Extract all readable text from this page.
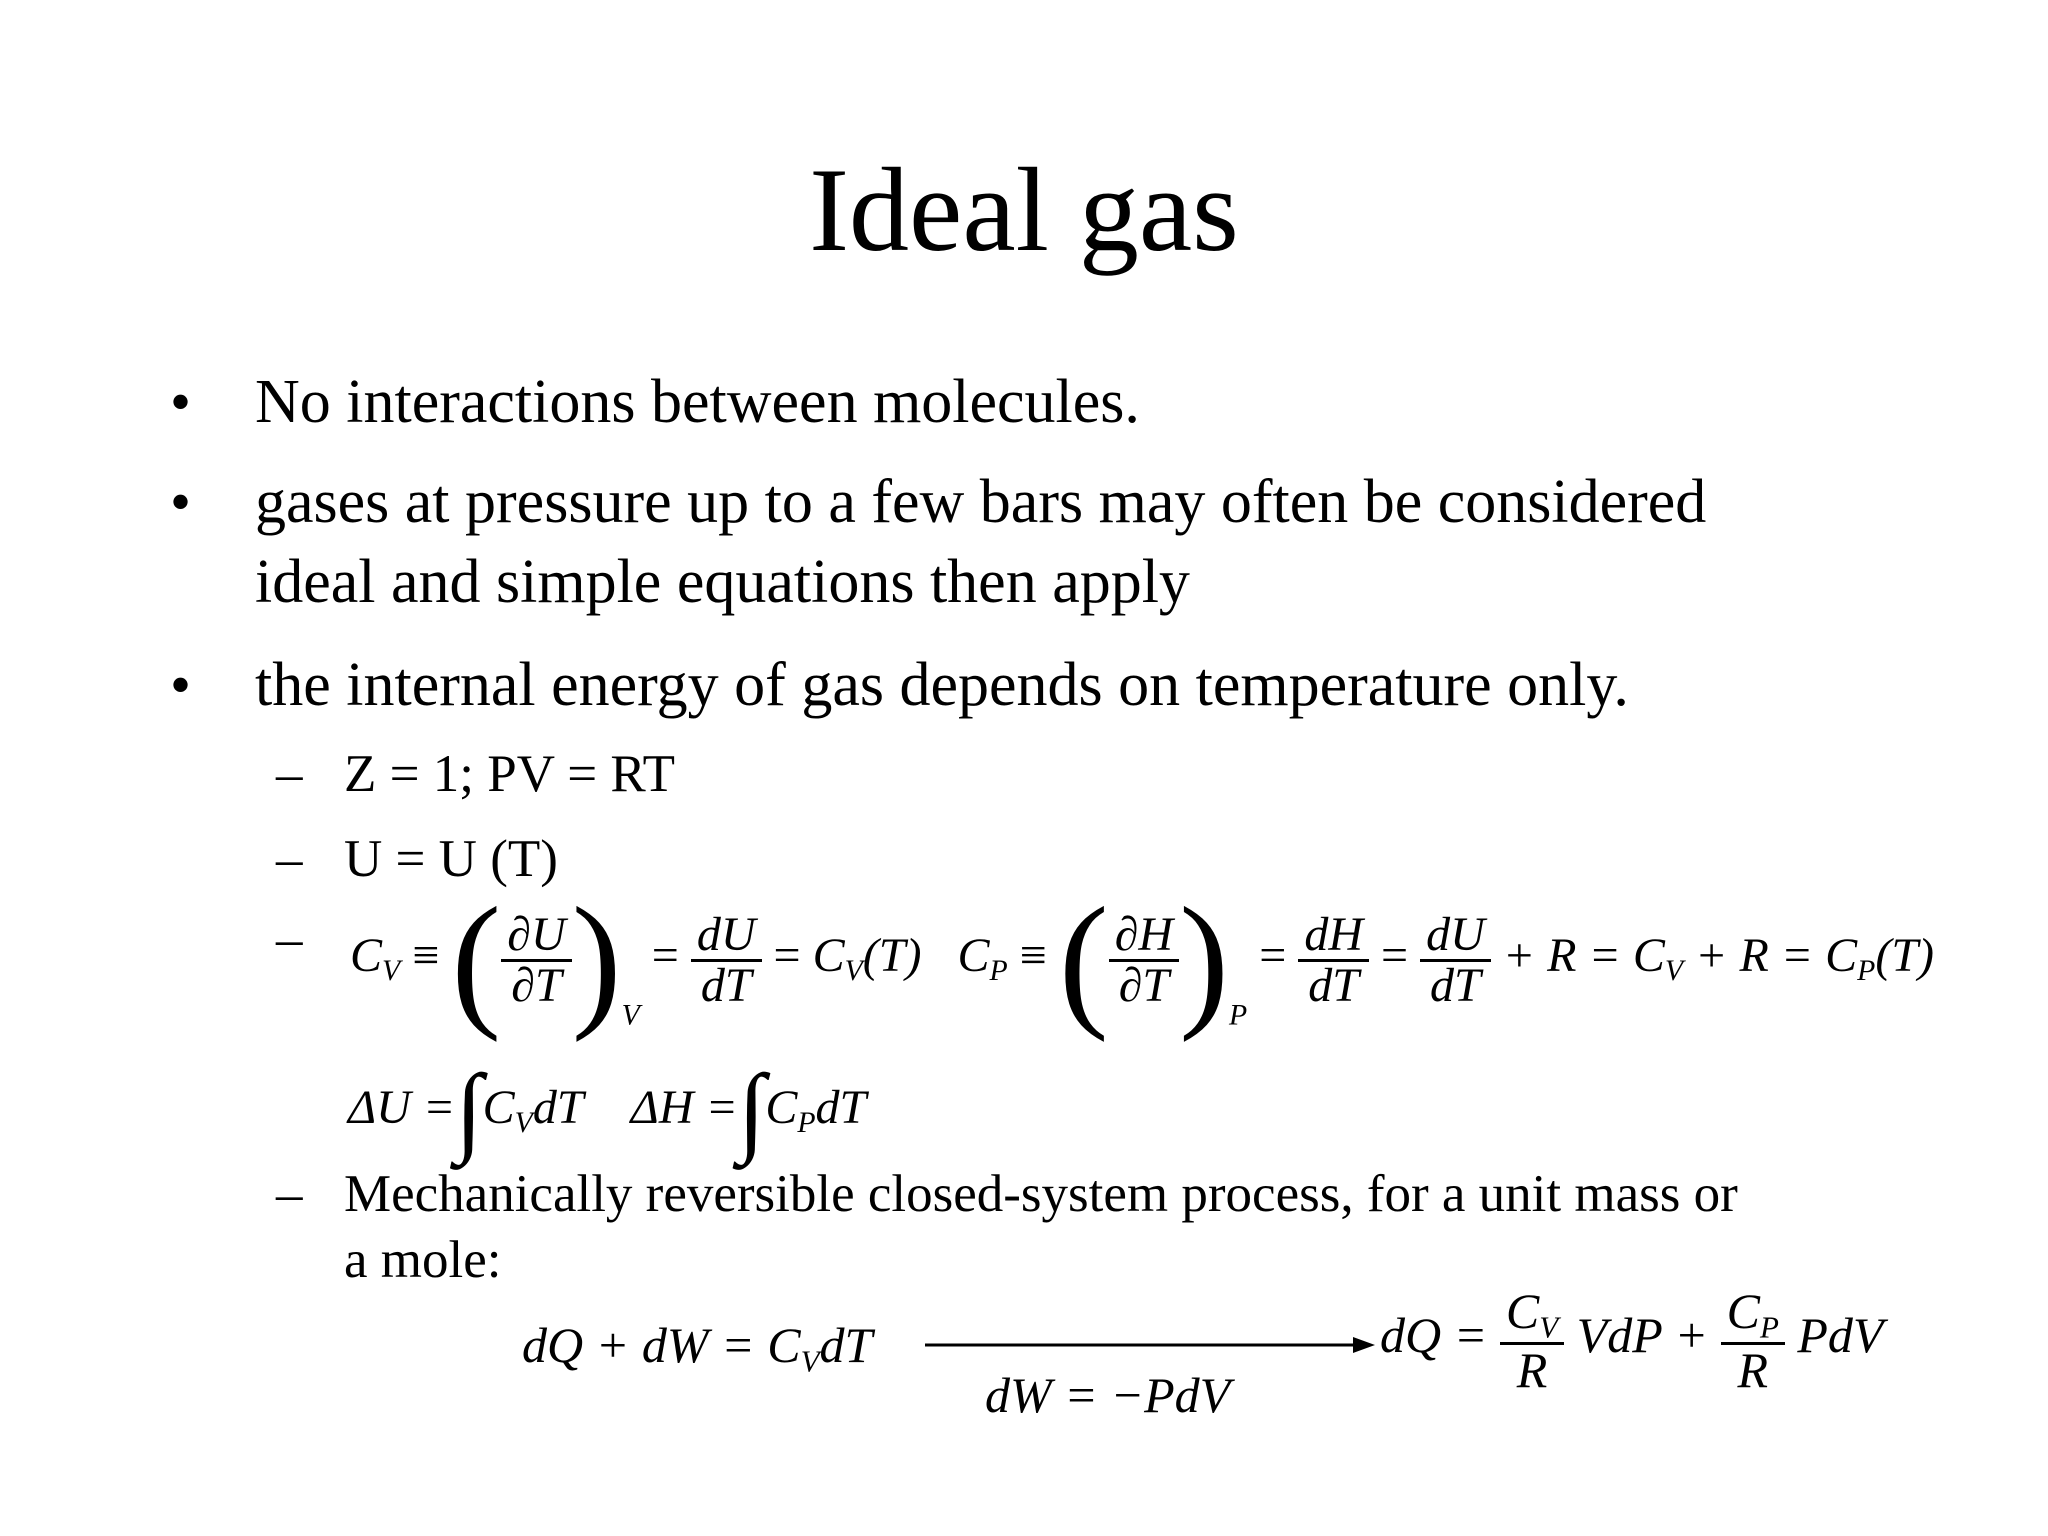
Ideal gas
• No interactions between molecules.
• gases at pressure up to a few bars may often be considered
ideal and simple equations then apply
• the internal energy of gas depends on temperature only.
– Z = 1; PV = RT
– U = U (T)
– CV ≡ ( $\frac{\partial U}{\partial T} )_V = \frac{dU}{dT} = CV(T)$ CP ≡ ( $\frac{\partial H}{\partial T} )_P = \frac{dH}{dT} = \frac{dU}{dT} + R$ = CV + R = CP(T)
ΔU =∫CVdT ΔH =∫CPdT
– Mechanically reversible closed-system process, for a unit mass or
a mole:
dQ + dW = CVdT
dW = −PdV
dQ = $\frac{CV}{R}$ VdP + $\frac{CP}{R}$ PdV
